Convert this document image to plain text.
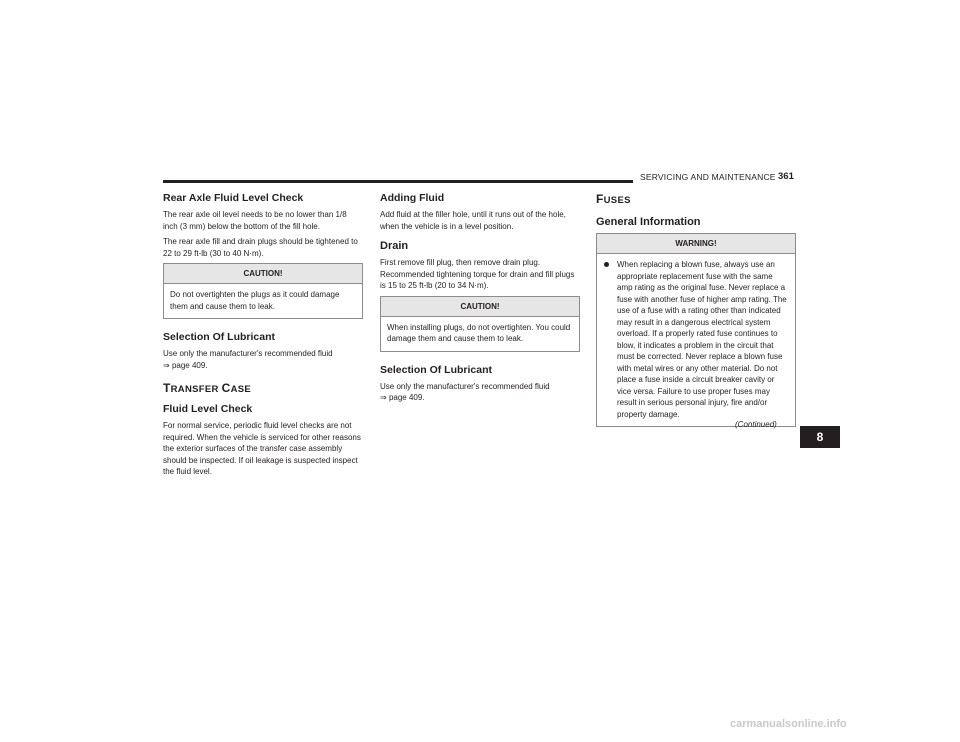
SERVICING AND MAINTENANCE 361
Rear Axle Fluid Level Check

The rear axle oil level needs to be no lower than 1/8 inch (3 mm) below the bottom of the fill hole.

The rear axle fill and drain plugs should be tightened to 22 to 29 ft-lb (30 to 40 N·m).

CAUTION!
Do not overtighten the plugs as it could damage them and cause them to leak.
Selection Of Lubricant

Use only the manufacturer's recommended fluid
⇒ page 409.

TRANSFER CASE
Fluid Level Check

For normal service, periodic fluid level checks are not required. When the vehicle is serviced for other reasons the exterior surfaces of the transfer case assembly should be inspected. If oil leakage is suspected inspect the fluid level.

Adding Fluid

Add fluid at the filler hole, until it runs out of the hole, when the vehicle is in a level position.

Drain

First remove fill plug, then remove drain plug. Recommended tightening torque for drain and fill plugs is 15 to 25 ft-lb (20 to 34 N·m).

CAUTION!
When installing plugs, do not overtighten. You could damage them and cause them to leak.
Selection Of Lubricant

Use only the manufacturer's recommended fluid
⇒ page 409.

FUSES
General Information
WARNING!
When replacing a blown fuse, always use an appropriate replacement fuse with the same amp rating as the original fuse. Never replace a fuse with another fuse of higher amp rating. The use of a fuse with a rating other than indicated may result in a dangerous electrical system overload. If a properly rated fuse continues to blow, it indicates a problem in the circuit that must be corrected. Never replace a blown fuse with metal wires or any other material. Do not place a fuse inside a circuit breaker cavity or vice versa. Failure to use proper fuses may result in serious personal injury, fire and/or property damage.
(Continued)
8
carmanualsonline.info
